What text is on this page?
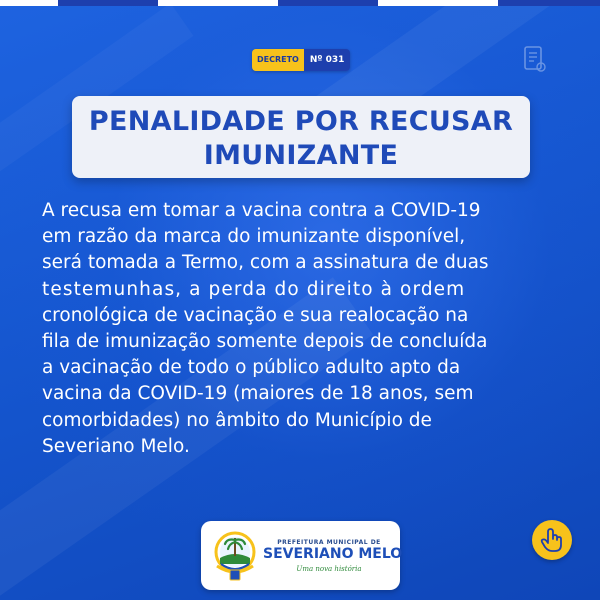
DECRETO	Nº 031
PENALIDADE POR RECUSAR
IMUNIZANTE
A recusa em tomar a vacina contra a COVID-19
em razão da marca do imunizante disponível,
será tomada a Termo, com a assinatura de duas
testemunhas, a perda do direito à ordem
cronológica de vacinação e sua realocação na
fila de imunização somente depois de concluída
a vacinação de todo o público adulto apto da
vacina da COVID-19 (maiores de 18 anos, sem
comorbidades) no âmbito do Município de
Severiano Melo.
PREFEITURA MUNICIPAL DE
SEVERIANO MELO
Uma nova história
